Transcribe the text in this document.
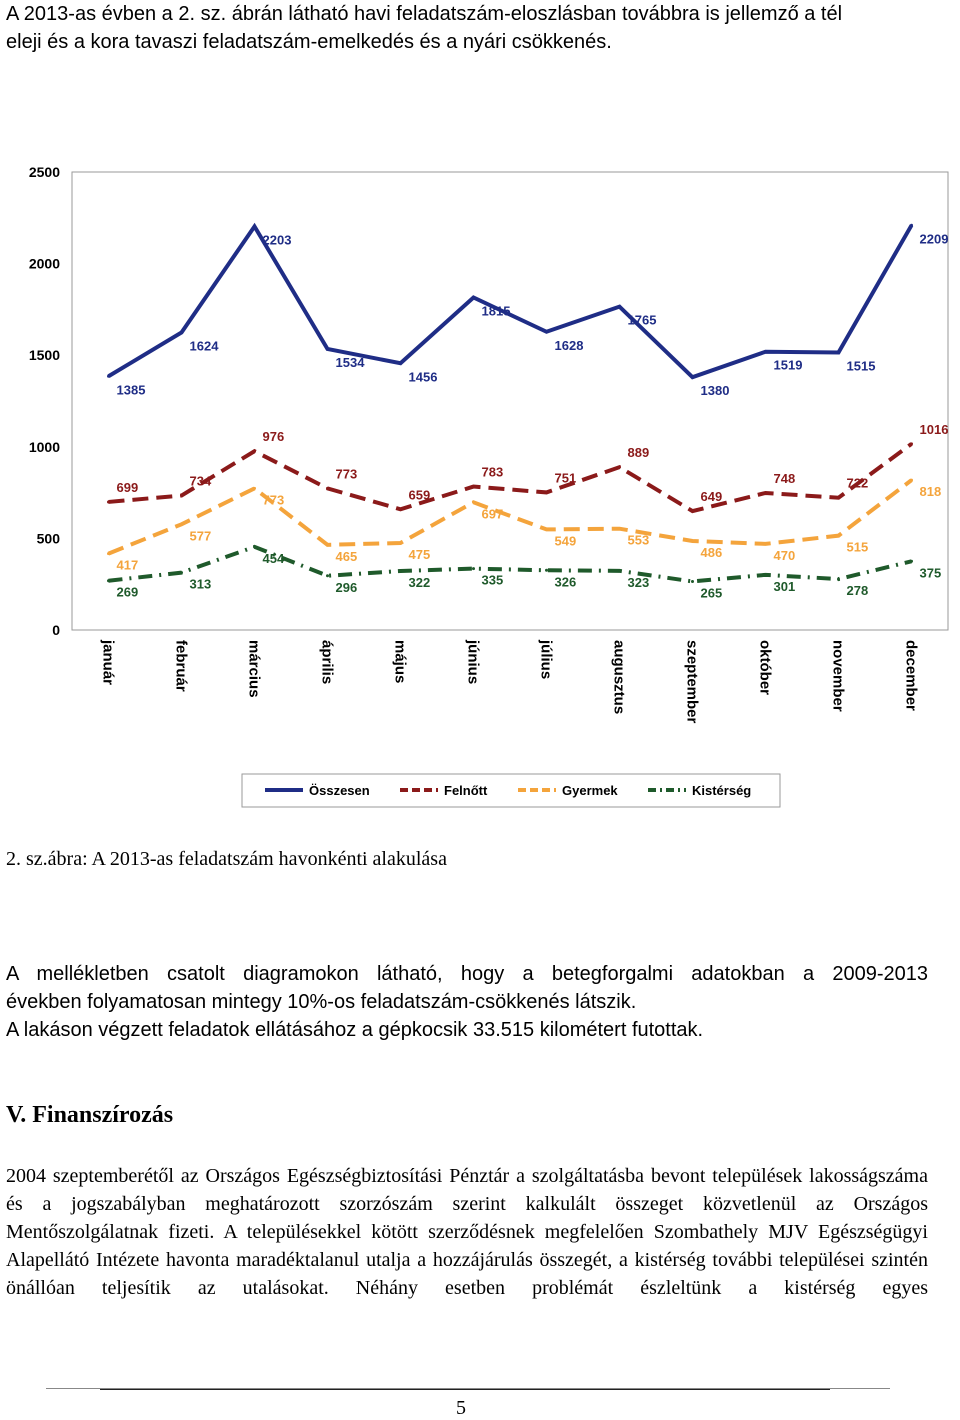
A 2013-as évben a 2. sz. ábrán látható havi feladatszám-eloszlásban továbbra is jellemző a tél
eleji és a kora tavaszi feladatszám-emelkedés és a nyári csökkenés.
0
500
1000
1500
2000
2500
január	február	március	április	május	június	július	augusztus	szeptember	október	november	december
1385
1624
2203
1534
1456
1815
1628
1765
1380
1519	1515
2209
699	734
976
773
659
783	751
889
649
748	722
1016
417
577
773
465	475
697
549	553
486	470
515
818
269
313
454
296	322	335	326	323
265	301	278
375
Összesen	Felnőtt	Gyermek	Kistérség
2. sz.ábra: A 2013-as feladatszám havonkénti alakulása
A mellékletben csatolt diagramokon látható, hogy a betegforgalmi adatokban a 2009-2013
években folyamatosan mintegy 10%-os feladatszám-csökkenés látszik.
A lakáson végzett feladatok ellátásához a gépkocsik 33.515 kilométert futottak.
V. Finanszírozás
2004 szeptemberétől az Országos Egészségbiztosítási Pénztár a szolgáltatásba bevont települések lakosságszáma és a jogszabályban meghatározott szorzószám szerint kalkulált összeget közvetlenül az Országos Mentőszolgálatnak fizeti. A településekkel kötött szerződésnek megfelelően Szombathely MJV Egészségügyi Alapellátó Intézete havonta maradéktalanul utalja a hozzájárulás összegét, a kistérség további települései szintén önállóan teljesítik az utalásokat. Néhány esetben problémát észleltünk a kistérség egyes
5
